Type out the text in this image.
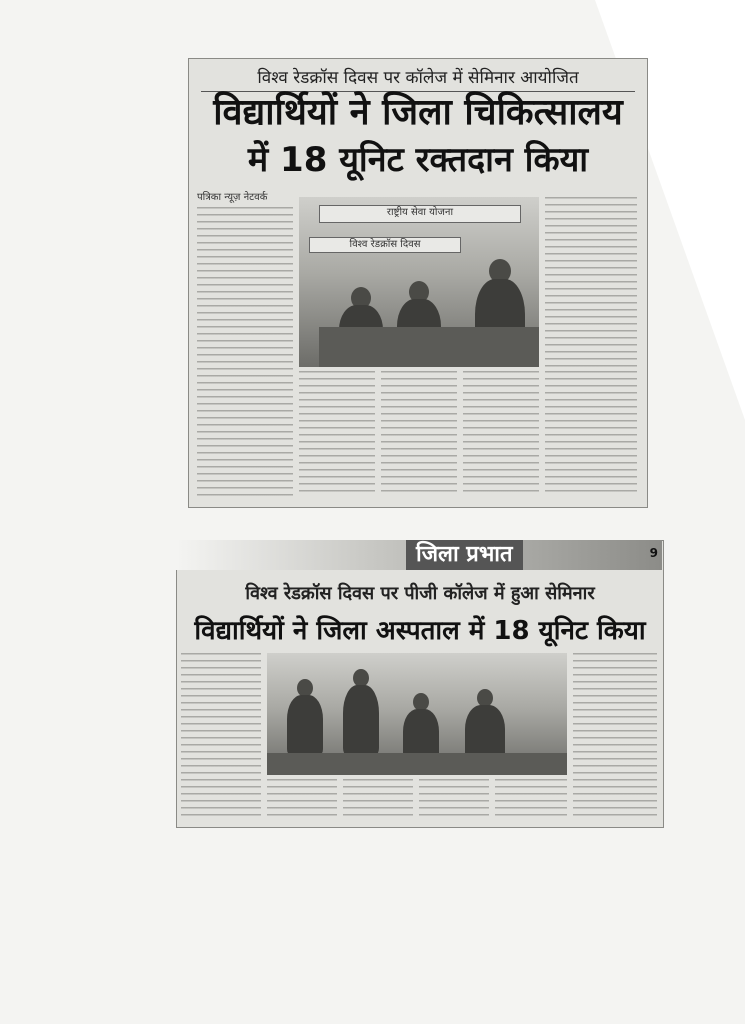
विश्व रेडक्रॉस दिवस पर कॉलेज में सेमिनार आयोजित
विद्यार्थियों ने जिला चिकित्सालय
में 18 यूनिट रक्तदान किया
पत्रिका न्यूज़ नेटवर्क
राष्ट्रीय सेवा योजना
विश्व रेडक्रॉस दिवस
विश्व रेडक्रॉस दिवस पर पीजी कॉलेज में हुआ सेमिनार
विद्यार्थियों ने जिला अस्पताल में 18 यूनिट किया
जिला प्रभात	9
